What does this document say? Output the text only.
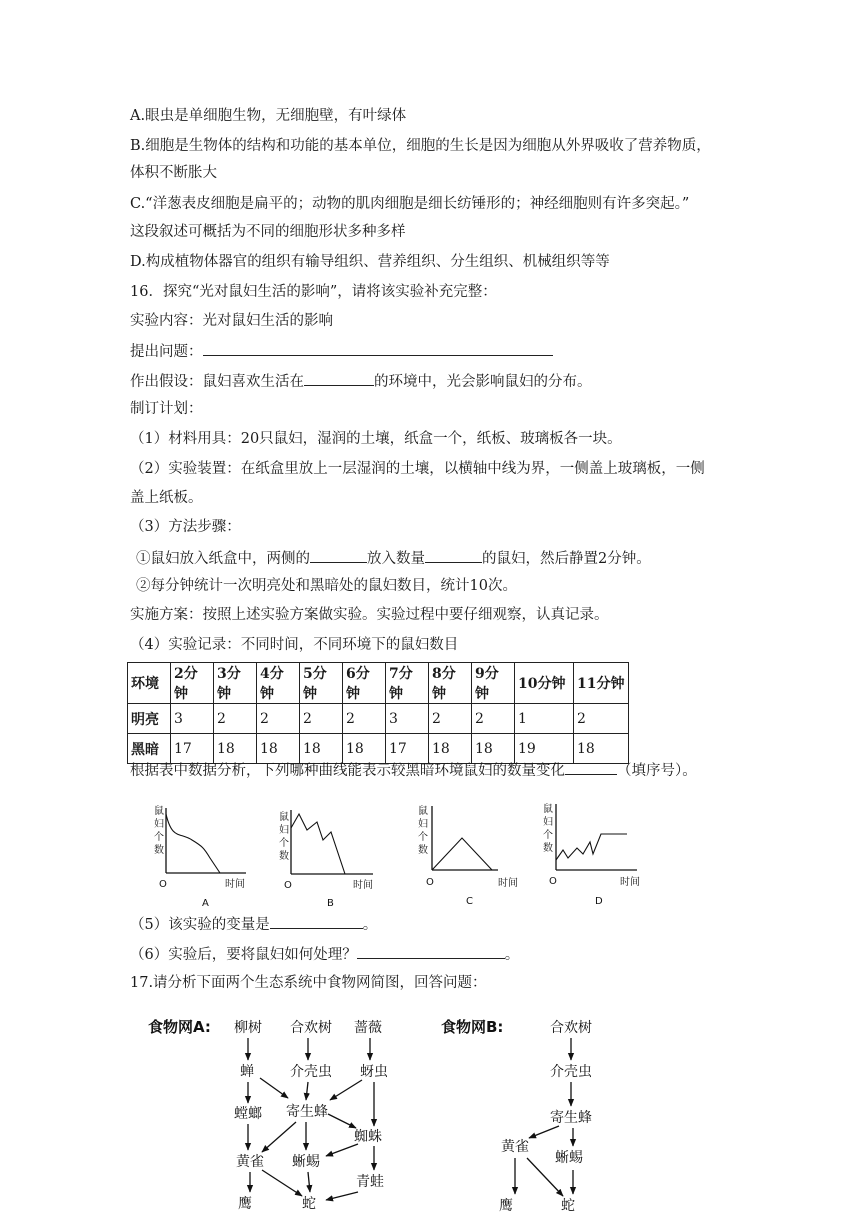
A.眼虫是单细胞生物，无细胞壁，有叶绿体
B.细胞是生物体的结构和功能的基本单位，细胞的生长是因为细胞从外界吸收了营养物质，
体积不断胀大
C.“洋葱表皮细胞是扁平的；动物的肌肉细胞是细长纺锤形的；神经细胞则有许多突起。”
这段叙述可概括为不同的细胞形状多种多样
D.构成植物体器官的组织有输导组织、营养组织、分生组织、机械组织等等
16．探究“光对鼠妇生活的影响”，请将该实验补充完整：
实验内容：光对鼠妇生活的影响
提出问题：
作出假设：鼠妇喜欢生活在	的环境中，光会影响鼠妇的分布。
制订计划：
（1）材料用具：20只鼠妇，湿润的土壤，纸盒一个，纸板、玻璃板各一块。
（2）实验装置：在纸盒里放上一层湿润的土壤，以横轴中线为界，一侧盖上玻璃板，一侧
盖上纸板。
（3）方法步骤：
①鼠妇放入纸盒中，两侧的	放入数量	的鼠妇，然后静置2分钟。
②每分钟统计一次明亮处和黑暗处的鼠妇数目，统计10次。
实施方案：按照上述实验方案做实验。实验过程中要仔细观察，认真记录。
（4）实验记录：不同时间，不同环境下的鼠妇数目
环境	2分钟	3分钟	4分钟	5分钟	6分钟	7分钟	8分钟	9分钟	10分钟	11分钟
明亮	3	2	2	2	2	3	2	2	1	2
黑暗	17	18	18	18	18	17	18	18	19	18
根据表中数据分析，下列哪种曲线能表示较黑暗环境鼠妇的数量变化	（填序号）。
鼠
妇
个
数
O	时间
A
鼠
妇
个
数
O	时间
B
鼠
妇
个
数
O	时间
C
鼠
妇
个
数
O	时间
D
（5）该实验的变量是	。
（6）实验后，要将鼠妇如何处理？	。
17.请分析下面两个生态系统中食物网简图，回答问题：
食物网A: 柳树 合欢树 蔷薇
蝉	介壳虫 蚜虫
螳螂 寄生蜂
蜘蛛
黄雀 蜥蜴
青蛙
鹰	蛇
食物网B:	合欢树
介壳虫
寄生蜂
黄雀
蜥蜴
鹰	蛇
